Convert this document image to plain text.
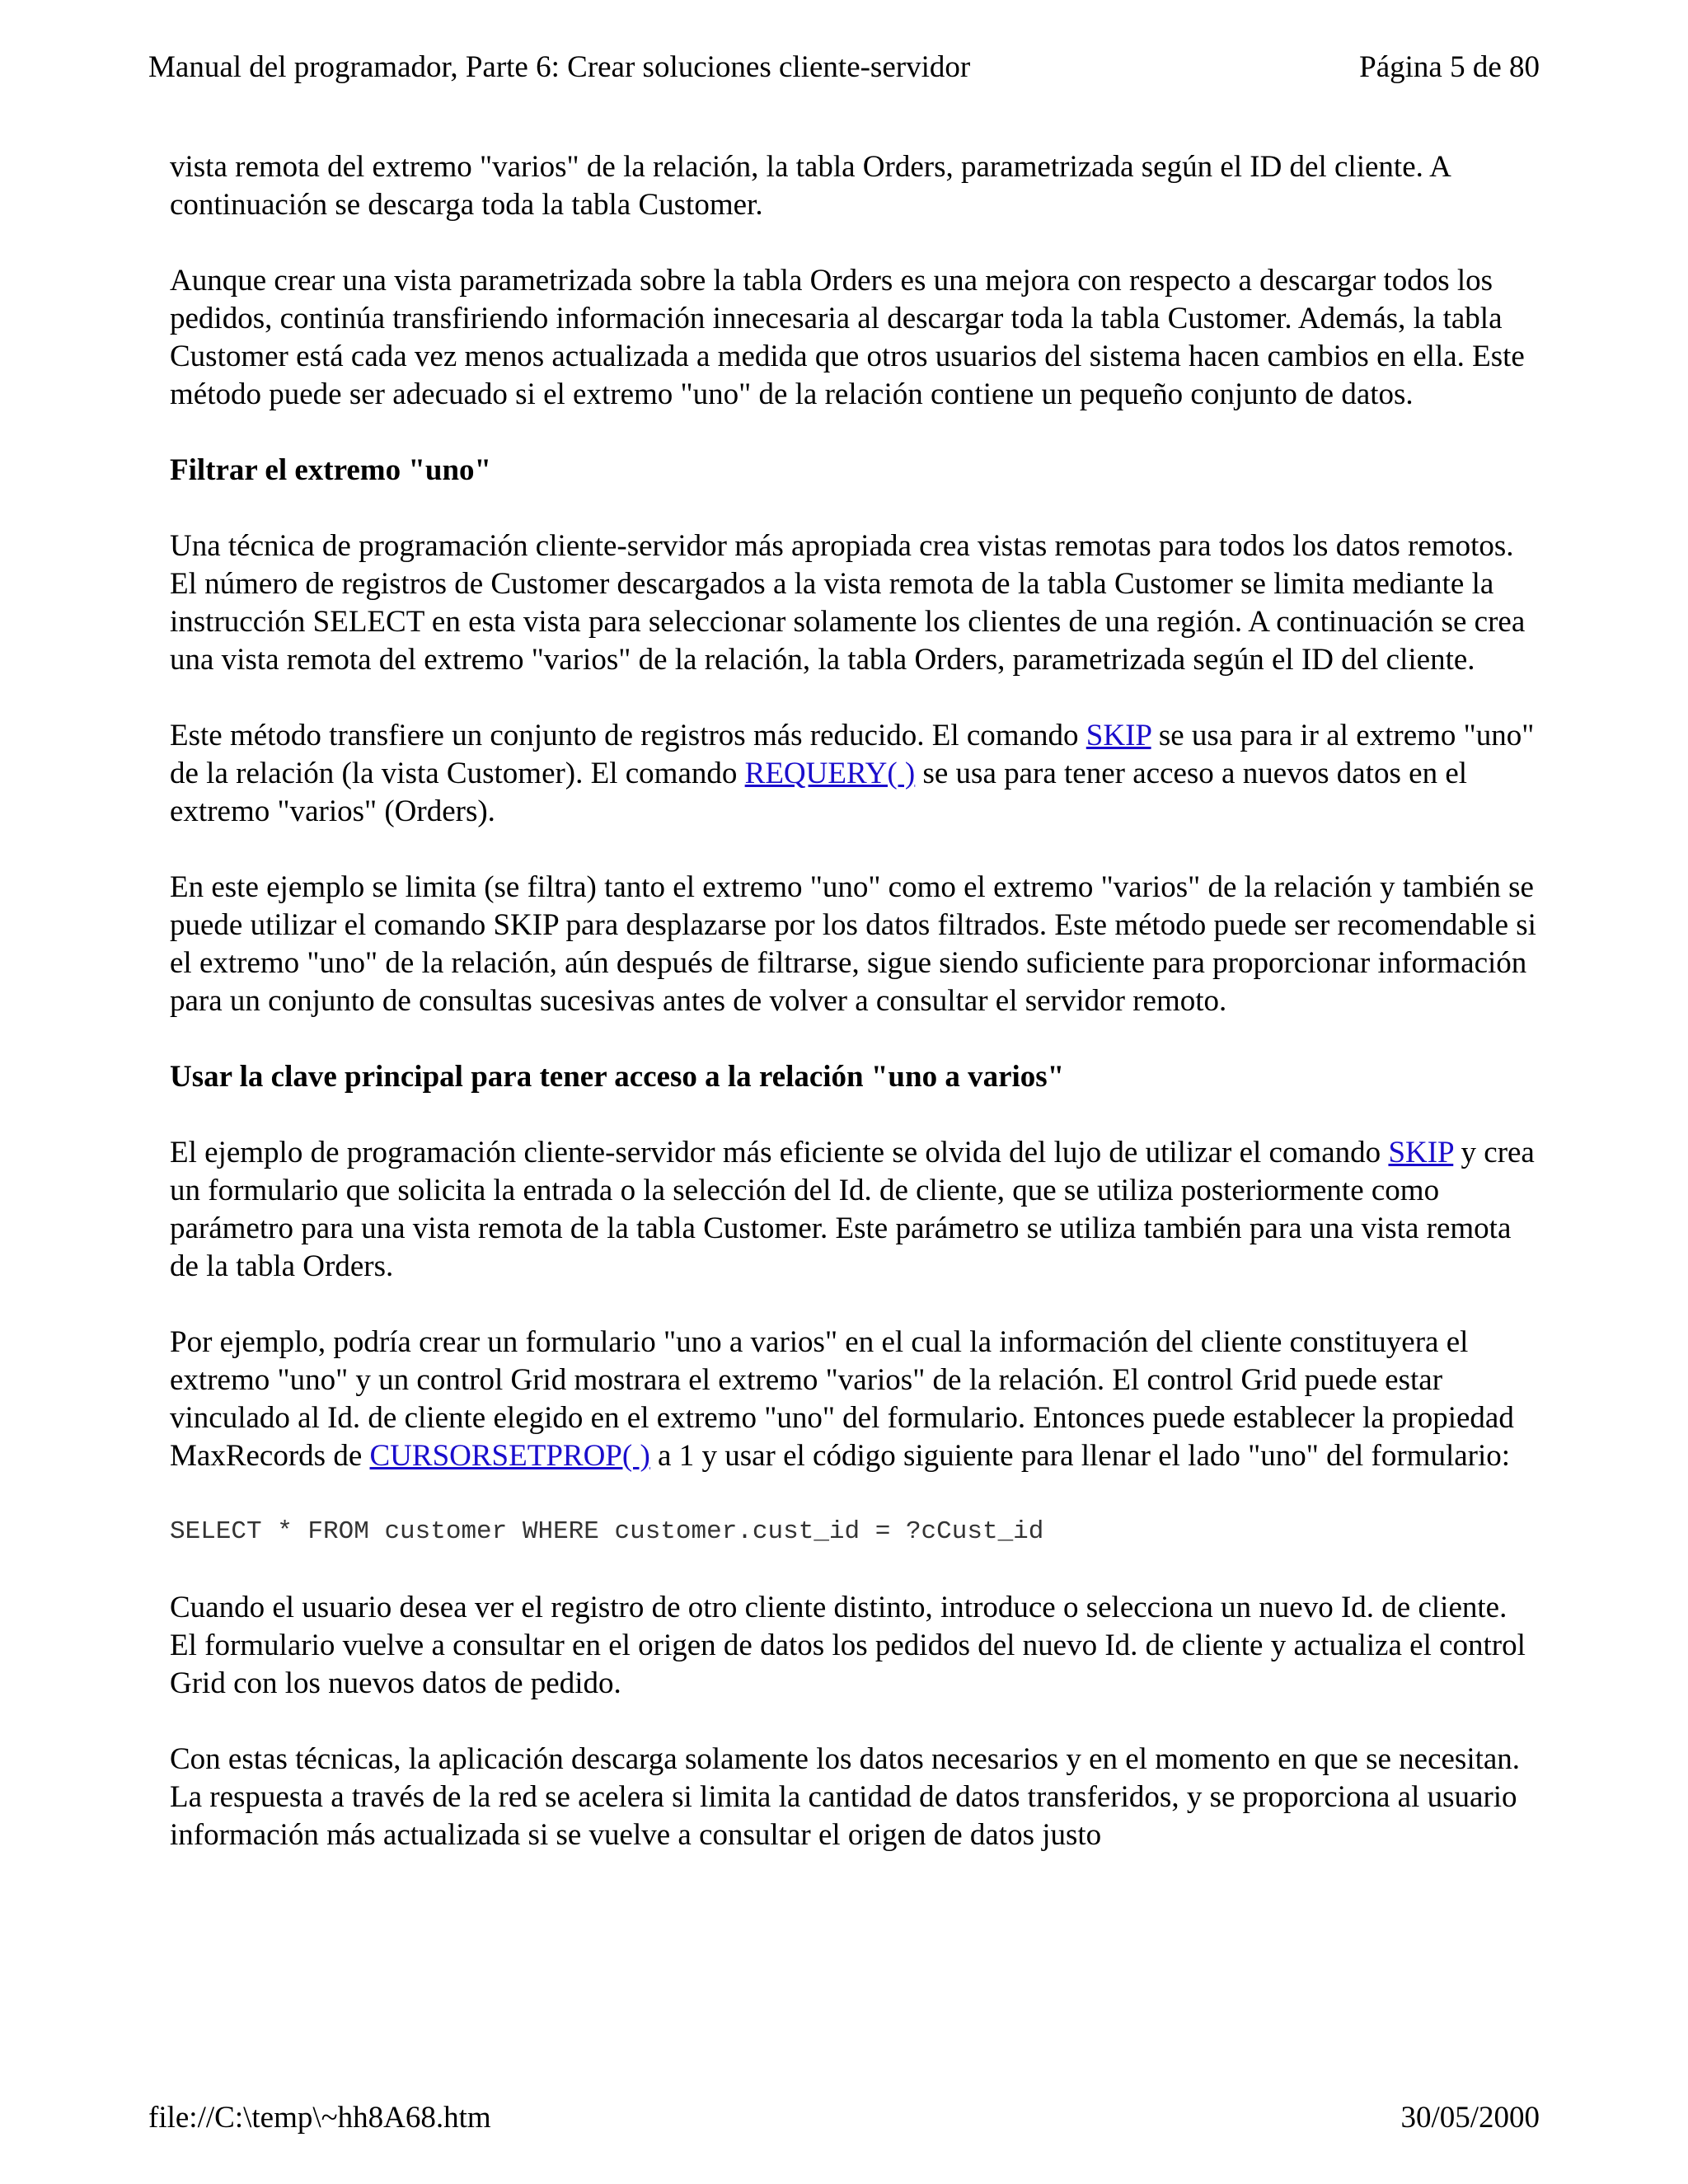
Manual del programador, Parte 6: Crear soluciones cliente-servidor	Página 5 de 80

vista remota del extremo "varios" de la relación, la tabla Orders, parametrizada según el ID del cliente. A continuación se descarga toda la tabla Customer.

Aunque crear una vista parametrizada sobre la tabla Orders es una mejora con respecto a descargar todos los pedidos, continúa transfiriendo información innecesaria al descargar toda la tabla Customer. Además, la tabla Customer está cada vez menos actualizada a medida que otros usuarios del sistema hacen cambios en ella. Este método puede ser adecuado si el extremo "uno" de la relación contiene un pequeño conjunto de datos.

Filtrar el extremo "uno"

Una técnica de programación cliente-servidor más apropiada crea vistas remotas para todos los datos remotos. El número de registros de Customer descargados a la vista remota de la tabla Customer se limita mediante la instrucción SELECT en esta vista para seleccionar solamente los clientes de una región. A continuación se crea una vista remota del extremo "varios" de la relación, la tabla Orders, parametrizada según el ID del cliente.

Este método transfiere un conjunto de registros más reducido. El comando SKIP se usa para ir al extremo "uno" de la relación (la vista Customer). El comando REQUERY( ) se usa para tener acceso a nuevos datos en el extremo "varios" (Orders).

En este ejemplo se limita (se filtra) tanto el extremo "uno" como el extremo "varios" de la relación y también se puede utilizar el comando SKIP para desplazarse por los datos filtrados. Este método puede ser recomendable si el extremo "uno" de la relación, aún después de filtrarse, sigue siendo suficiente para proporcionar información para un conjunto de consultas sucesivas antes de volver a consultar el servidor remoto.

Usar la clave principal para tener acceso a la relación "uno a varios"

El ejemplo de programación cliente-servidor más eficiente se olvida del lujo de utilizar el comando SKIP y crea un formulario que solicita la entrada o la selección del Id. de cliente, que se utiliza posteriormente como parámetro para una vista remota de la tabla Customer. Este parámetro se utiliza también para una vista remota de la tabla Orders.

Por ejemplo, podría crear un formulario "uno a varios" en el cual la información del cliente constituyera el extremo "uno" y un control Grid mostrara el extremo "varios" de la relación. El control Grid puede estar vinculado al Id. de cliente elegido en el extremo "uno" del formulario. Entonces puede establecer la propiedad MaxRecords de CURSORSETPROP( ) a 1 y usar el código siguiente para llenar el lado "uno" del formulario:

SELECT * FROM customer WHERE customer.cust_id = ?cCust_id

Cuando el usuario desea ver el registro de otro cliente distinto, introduce o selecciona un nuevo Id. de cliente. El formulario vuelve a consultar en el origen de datos los pedidos del nuevo Id. de cliente y actualiza el control Grid con los nuevos datos de pedido.

Con estas técnicas, la aplicación descarga solamente los datos necesarios y en el momento en que se necesitan. La respuesta a través de la red se acelera si limita la cantidad de datos transferidos, y se proporciona al usuario información más actualizada si se vuelve a consultar el origen de datos justo

file://C:\temp\~hh8A68.htm	30/05/2000
